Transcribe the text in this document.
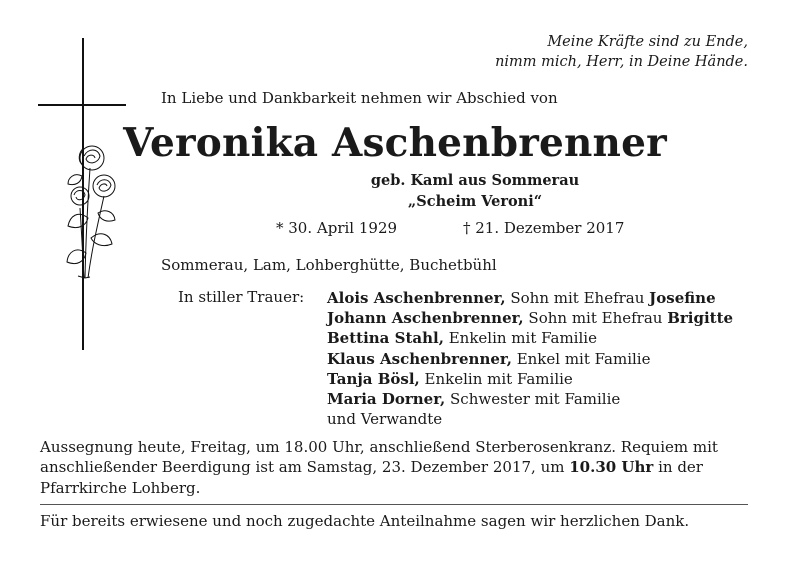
Meine Kräfte sind zu Ende,
nimm mich, Herr, in Deine Hände.

In Liebe und Dankbarkeit nehmen wir Abschied von

Veronika Aschenbrenner
geb. Kaml aus Sommerau
„Scheim Veroni“

* 30. April 1929	† 21. Dezember 2017

Sommerau, Lam, Lohberghütte, Buchetbühl

In stiller Trauer: Alois Aschenbrenner, Sohn mit Ehefrau Josefine
Johann Aschenbrenner, Sohn mit Ehefrau Brigitte
Bettina Stahl, Enkelin mit Familie
Klaus Aschenbrenner, Enkel mit Familie
Tanja Bösl, Enkelin mit Familie
Maria Dorner, Schwester mit Familie
und Verwandte

Aussegnung heute, Freitag, um 18.00 Uhr, anschließend Sterberosenkranz. Requiem mit anschließender Beerdigung ist am Samstag, 23. Dezember 2017, um 10.30 Uhr in der Pfarrkirche Lohberg.

Für bereits erwiesene und noch zugedachte Anteilnahme sagen wir herzlichen Dank.
